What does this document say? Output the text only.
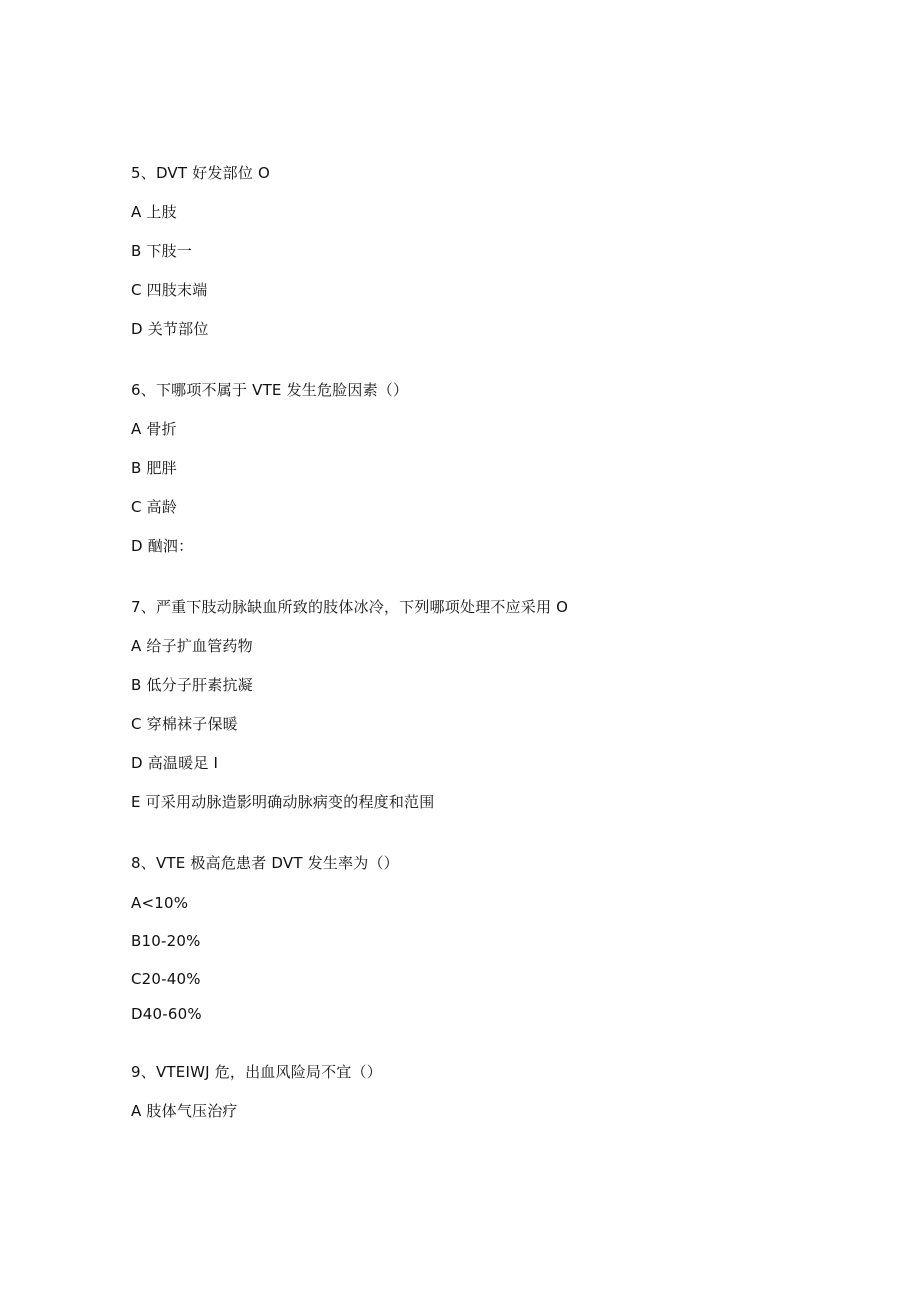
5、DVT 好发部位 O
A 上肢
B 下肢一
C 四肢末端
D 关节部位
6、下哪项不属于 VTE 发生危脸因素（）
A 骨折
B 肥胖
C 高龄
D 酗泗：
7、严重下肢动脉缺血所致的肢体冰冷，下列哪项处理不应采用 O
A 给子扩血管药物
B 低分子肝素抗凝
C 穿棉袜子保暖
D 高温暖足 I
E 可采用动脉造影明确动脉病变的程度和范围
8、VTE 极高危患者 DVT 发生率为（）
A<10%
B10-20%
C20-40%
D40-60%
9、VTEIWJ 危，出血风险局不宜（）
A 肢体气压治疗
